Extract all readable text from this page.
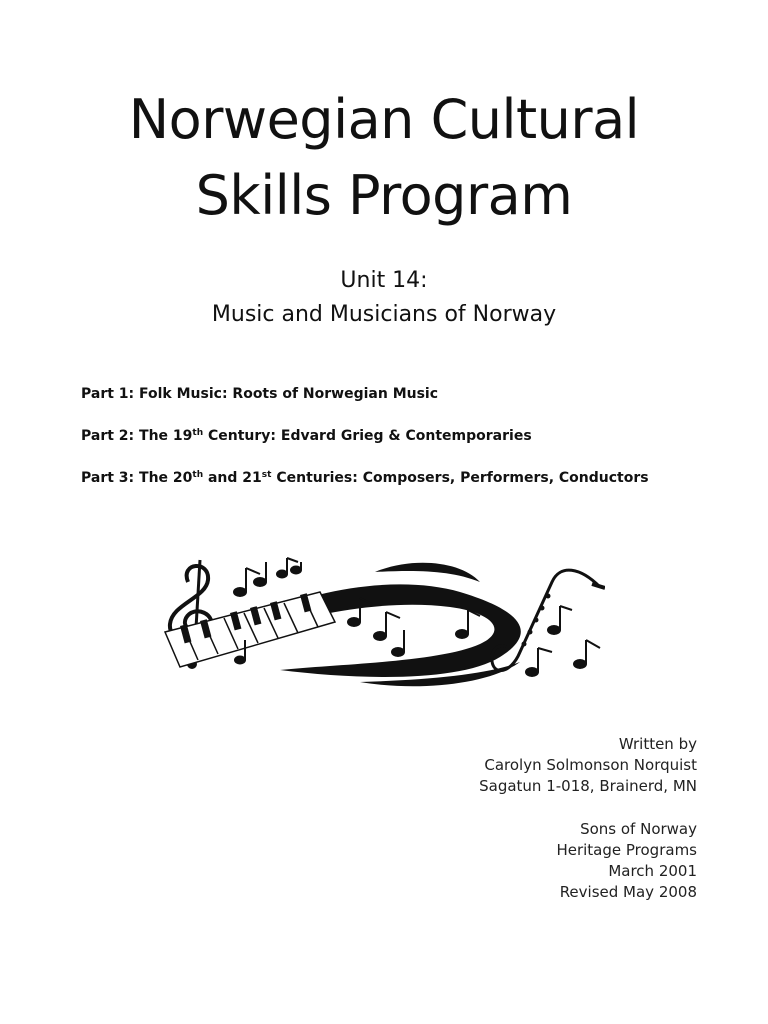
Norwegian Cultural
Skills Program
Unit 14:
Music and Musicians of Norway
Part 1: Folk Music: Roots of Norwegian Music
Part 2: The 19th Century: Edvard Grieg & Contemporaries
Part 3: The 20th and 21st Centuries: Composers, Performers, Conductors
Written by
Carolyn Solmonson Norquist
Sagatun 1-018, Brainerd, MN
Sons of Norway
Heritage Programs
March 2001
Revised May 2008
